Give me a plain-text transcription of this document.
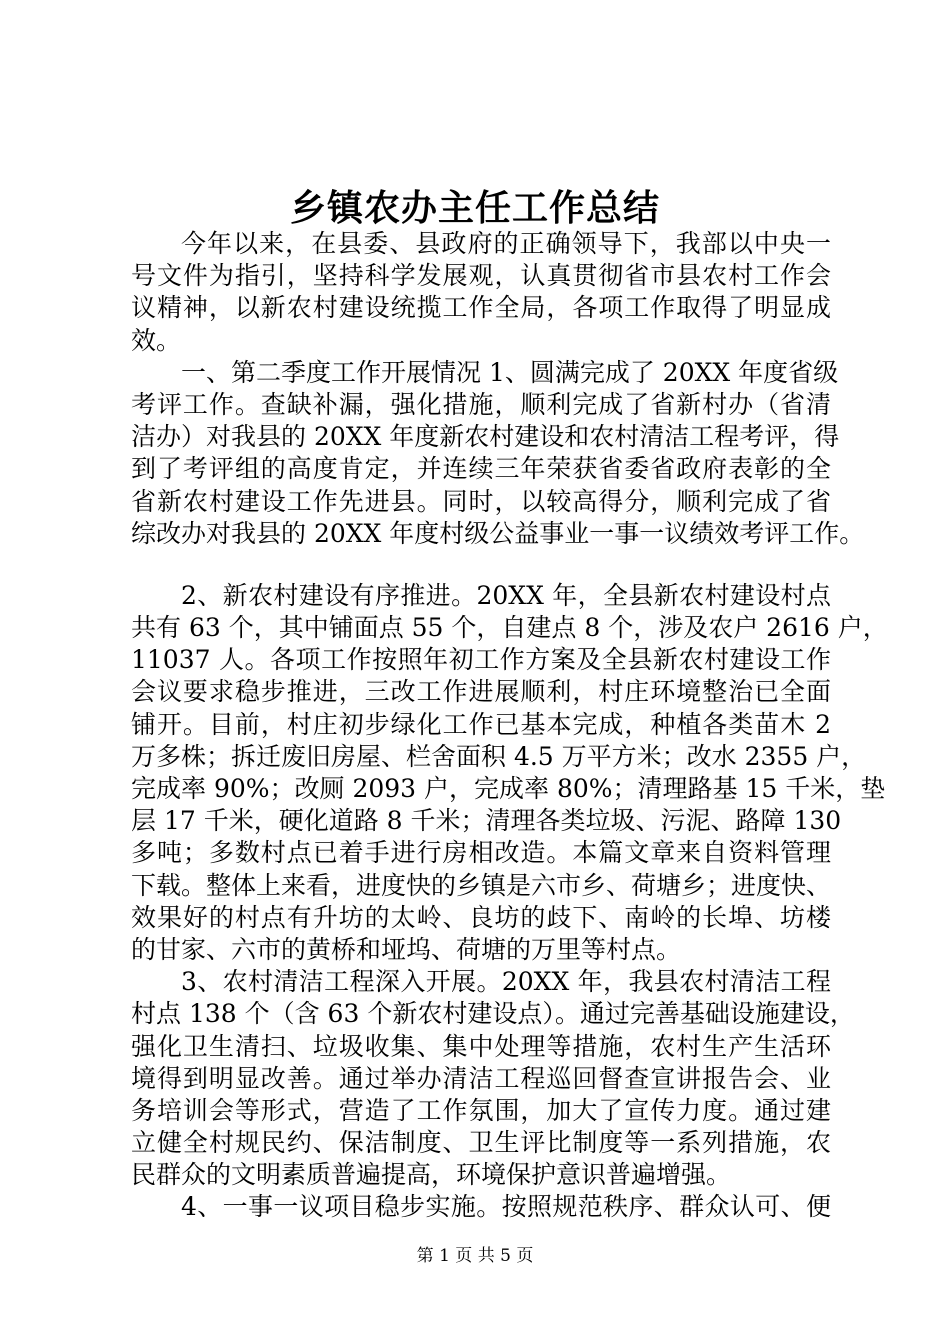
乡镇农办主任工作总结
今年以来，在县委、县政府的正确领导下，我部以中央一
号文件为指引，坚持科学发展观，认真贯彻省市县农村工作会
议精神，以新农村建设统揽工作全局，各项工作取得了明显成
效。
一、第二季度工作开展情况 1、圆满完成了 20XX 年度省级
考评工作。查缺补漏，强化措施，顺利完成了省新村办（省清
洁办）对我县的 20XX 年度新农村建设和农村清洁工程考评，得
到了考评组的高度肯定，并连续三年荣获省委省政府表彰的全
省新农村建设工作先进县。同时，以较高得分，顺利完成了省
综改办对我县的 20XX 年度村级公益事业一事一议绩效考评工作。
2、新农村建设有序推进。20XX 年，全县新农村建设村点
共有 63 个，其中铺面点 55 个，自建点 8 个，涉及农户 2616 户，
11037 人。各项工作按照年初工作方案及全县新农村建设工作
会议要求稳步推进，三改工作进展顺利，村庄环境整治已全面
铺开。目前，村庄初步绿化工作已基本完成，种植各类苗木 2
万多株；拆迁废旧房屋、栏舍面积 4.5 万平方米；改水 2355 户，
完成率 90%；改厕 2093 户，完成率 80%；清理路基 15 千米，垫
层 17 千米，硬化道路 8 千米；清理各类垃圾、污泥、路障 130
多吨；多数村点已着手进行房相改造。本篇文章来自资料管理
下载。整体上来看，进度快的乡镇是六市乡、荷塘乡；进度快、
效果好的村点有升坊的太岭、良坊的歧下、南岭的长埠、坊楼
的甘家、六市的黄桥和垭坞、荷塘的万里等村点。
3、农村清洁工程深入开展。20XX 年，我县农村清洁工程
村点 138 个（含 63 个新农村建设点）。通过完善基础设施建设，
强化卫生清扫、垃圾收集、集中处理等措施，农村生产生活环
境得到明显改善。通过举办清洁工程巡回督查宣讲报告会、业
务培训会等形式，营造了工作氛围，加大了宣传力度。通过建
立健全村规民约、保洁制度、卫生评比制度等一系列措施，农
民群众的文明素质普遍提高，环境保护意识普遍增强。
4、一事一议项目稳步实施。按照规范秩序、群众认可、便
第 1 页 共 5 页
